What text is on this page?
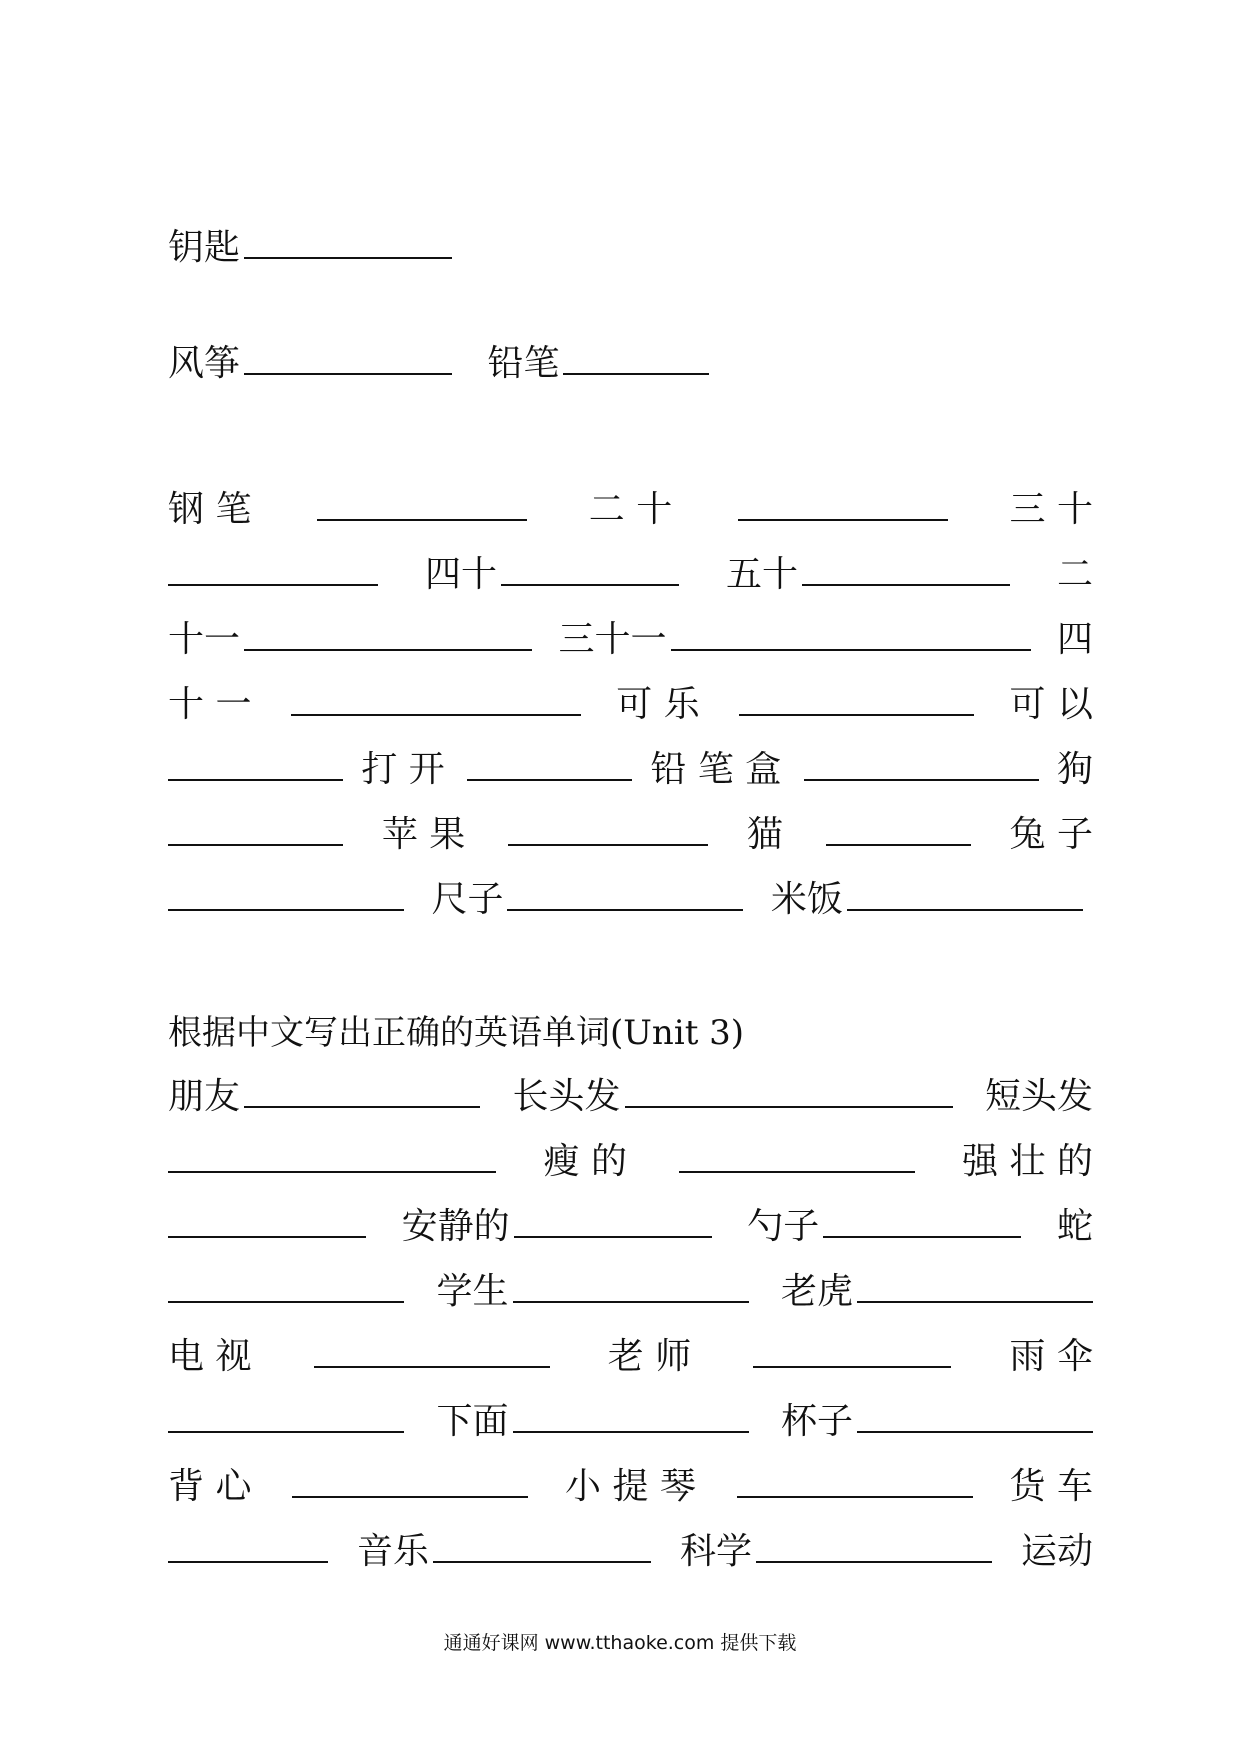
钥匙
风筝
	铅笔
钢 笔	二 十	三 十
四十	五十	二
十一	三十一	四
十 一	可 乐	可 以
打 开	铅 笔 盒	狗
苹 果	猫	兔 子

尺子
	米饭
根据中文写出正确的英语单词(Unit 3)
朋友	长头发	短头发
瘦 的	强 壮 的
安静的	勺子	蛇
学生	老虎
电 视	老 师	雨 伞
下面	杯子
背 心	小 提 琴	货 车
音乐	科学	运动
通通好课网 www.tthaoke.com 提供下载
